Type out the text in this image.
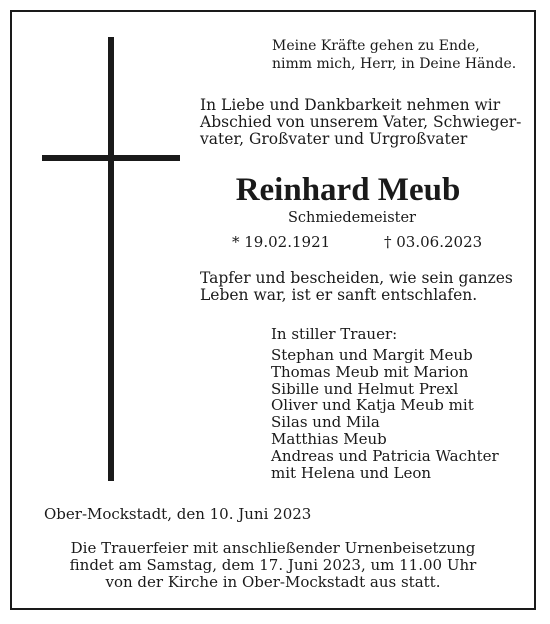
Meine Kräfte gehen zu Ende,
nimm mich, Herr, in Deine Hände.

In Liebe und Dankbarkeit nehmen wir
Abschied von unserem Vater, Schwieger-
vater, Großvater und Urgroßvater

Reinhard Meub

Schmiedemeister

* 19.02.1921	† 03.06.2023

Tapfer und bescheiden, wie sein ganzes
Leben war, ist er sanft entschlafen.

In stiller Trauer:

Stephan und Margit Meub
Thomas Meub mit Marion
Sibille und Helmut Prexl
Oliver und Katja Meub mit
Silas und Mila
Matthias Meub
Andreas und Patricia Wachter
mit Helena und Leon

Ober-Mockstadt, den 10. Juni 2023

Die Trauerfeier mit anschließender Urnenbeisetzung
findet am Samstag, dem 17. Juni 2023, um 11.00 Uhr
von der Kirche in Ober-Mockstadt aus statt.
